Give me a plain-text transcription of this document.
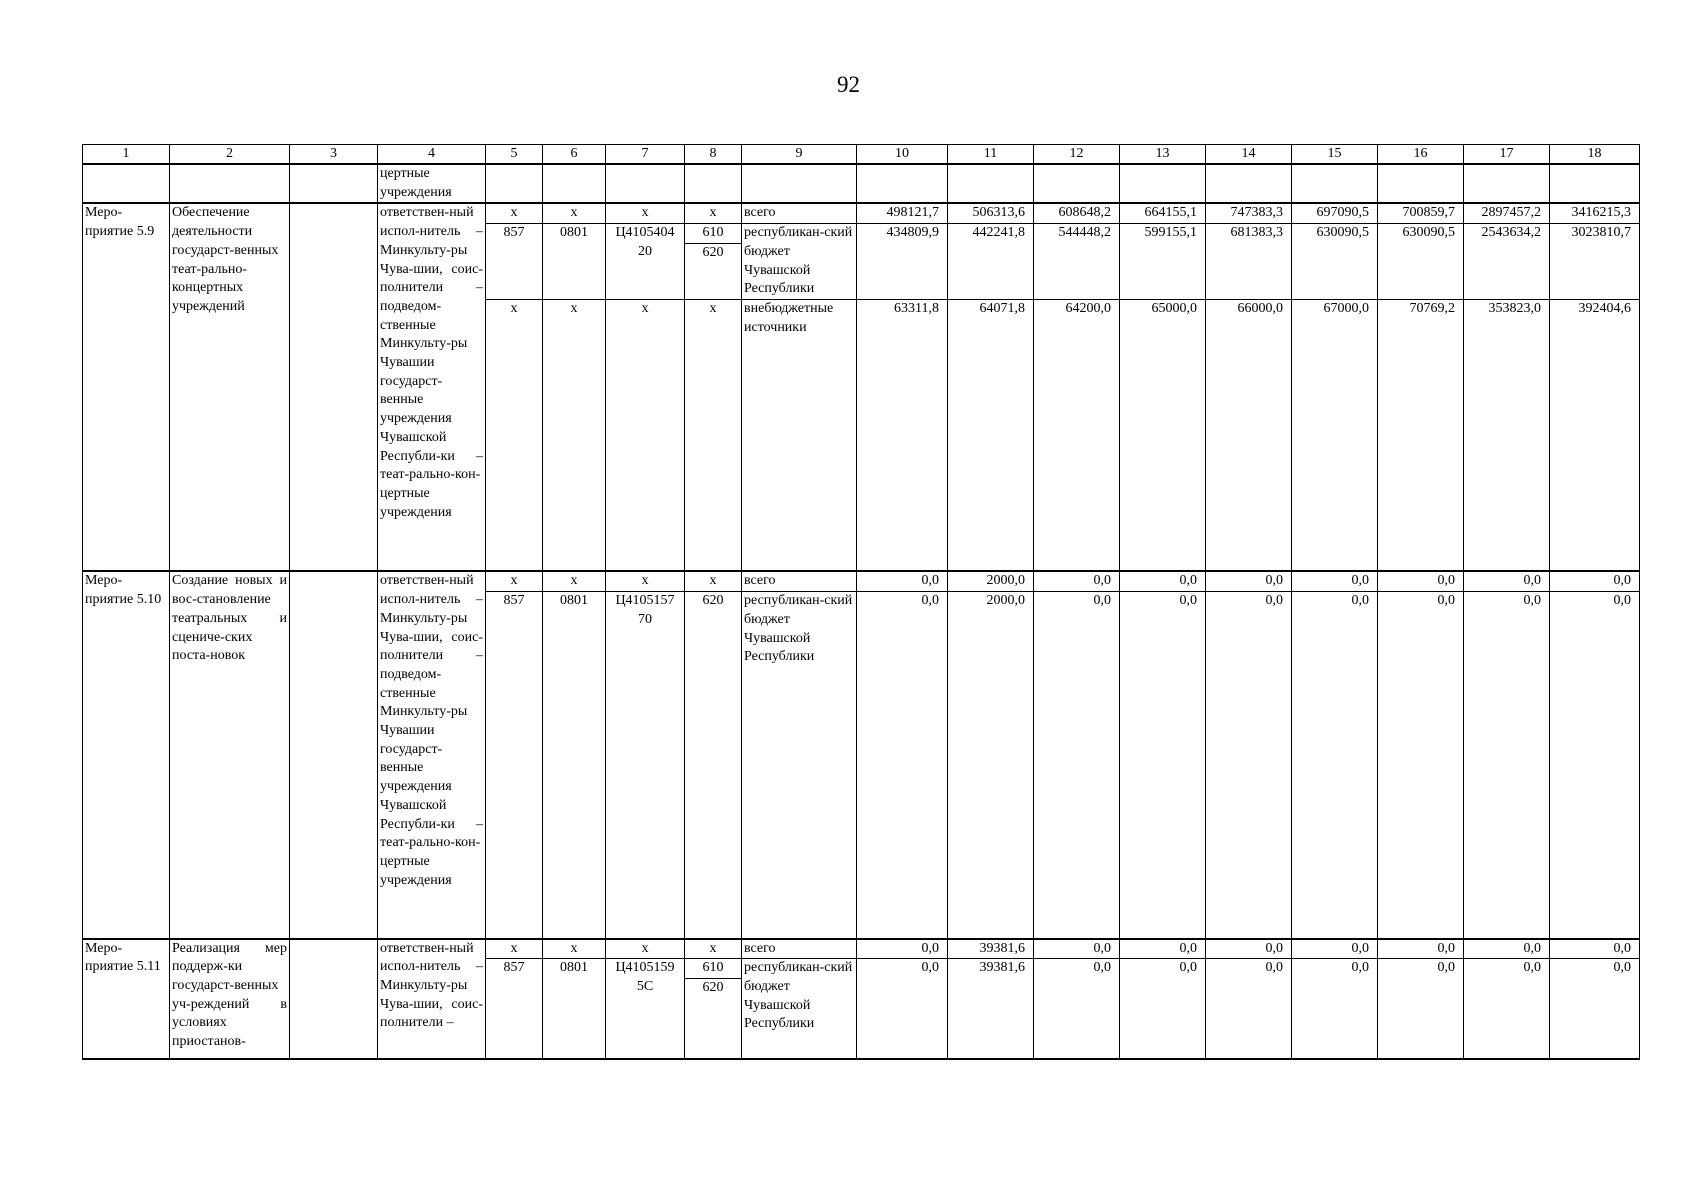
92
1	2	3	4	5	6	7	8	9	10	11	12	13	14	15	16	17	18
			цертные учреждения														
Меро-приятие 5.9	Обеспечение деятельности государст-венных теат-рально-концертных учреждений		ответствен-ный испол-нитель – Минкульту-ры Чува-шии, соис-полнители – подведом-ственные Минкульту-ры Чувашии государст-венные учреждения Чувашской Республи-ки – теат-рально-кон-цертные учреждения	x	x	x	x	всего	498121,7	506313,6	608648,2	664155,1	747383,3	697090,5	700859,7	2897457,2	3416215,3
				857	0801	Ц4105404 20	610	республикан-ский бюджет Чувашской Республики	434809,9	442241,8	544448,2	599155,1	681383,3	630090,5	630090,5	2543634,2	3023810,7
							620										
				x	x	x	x	внебюджетные источники	63311,8	64071,8	64200,0	65000,0	66000,0	67000,0	70769,2	353823,0	392404,6
Меро-приятие 5.10	Создание новых и вос-становление театральных и сцениче-ских поста-новок		ответствен-ный испол-нитель – Минкульту-ры Чува-шии, соис-полнители – подведом-ственные Минкульту-ры Чувашии государст-венные учреждения Чувашской Республи-ки – теат-рально-кон-цертные учреждения	x	x	x	x	всего	0,0	2000,0	0,0	0,0	0,0	0,0	0,0	0,0	0,0
				857	0801	Ц4105157 70	620	республикан-ский бюджет Чувашской Республики	0,0	2000,0	0,0	0,0	0,0	0,0	0,0	0,0	0,0
Меро-приятие 5.11	Реализация мер поддерж-ки государст-венных уч-реждений в условиях приостанов-		ответствен-ный испол-нитель – Минкульту-ры Чува-шии, соис-полнители –	x	x	x	x	всего	0,0	39381,6	0,0	0,0	0,0	0,0	0,0	0,0	0,0
				857	0801	Ц4105159 5С	610	республикан-ский бюджет Чувашской Республики	0,0	39381,6	0,0	0,0	0,0	0,0	0,0	0,0	0,0
							620										
